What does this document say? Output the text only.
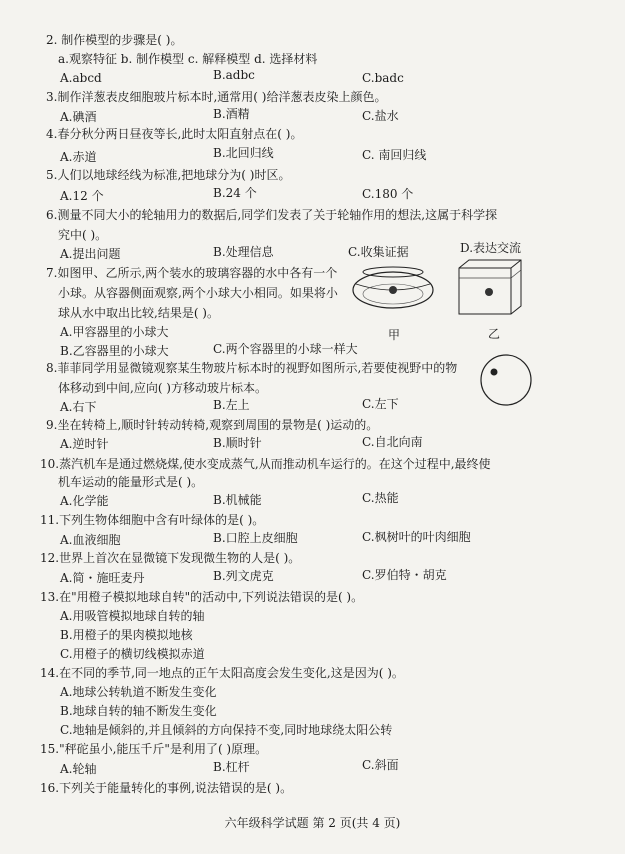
2. 制作模型的步骤是( )。
a.观察特征 b. 制作模型 c. 解释模型 d. 选择材料
A.abcd	B.adbc	C.badc
3.制作洋葱表皮细胞玻片标本时,通常用( )给洋葱表皮染上颜色。
A.碘酒	B.酒精	C.盐水
4.春分秋分两日昼夜等长,此时太阳直射点在( )。
A.赤道	B.北回归线	C. 南回归线
5.人们以地球经线为标准,把地球分为( )时区。
A.12 个	B.24 个	C.180 个
6.测量不同大小的轮轴用力的数据后,同学们发表了关于轮轴作用的想法,这属于科学探
究中( )。
A.提出问题	B.处理信息	C.收集证据	D.表达交流
7.如图甲、乙所示,两个装水的玻璃容器的水中各有一个
小球。从容器侧面观察,两个小球大小相同。如果将小
球从水中取出比较,结果是( )。
A.甲容器里的小球大
B.乙容器里的小球大	C.两个容器里的小球一样大
甲	乙
8.菲菲同学用显微镜观察某生物玻片标本时的视野如图所示,若要使视野中的物
体移动到中间,应向( )方移动玻片标本。
A.右下	B.左上	C.左下
9.坐在转椅上,顺时针转动转椅,观察到周围的景物是( )运动的。
A.逆时针	B.顺时针	C.自北向南
10.蒸汽机车是通过燃烧煤,使水变成蒸气,从而推动机车运行的。在这个过程中,最终使
机车运动的能量形式是( )。
A.化学能	B.机械能	C.热能
11.下列生物体细胞中含有叶绿体的是( )。
A.血液细胞	B.口腔上皮细胞	C.枫树叶的叶肉细胞
12.世界上首次在显微镜下发现微生物的人是( )。
A.简・施旺麦丹	B.列文虎克	C.罗伯特・胡克
13.在"用橙子模拟地球自转"的活动中,下列说法错误的是( )。
A.用吸管模拟地球自转的轴
B.用橙子的果肉模拟地核
C.用橙子的横切线模拟赤道
14.在不同的季节,同一地点的正午太阳高度会发生变化,这是因为( )。
A.地球公转轨道不断发生变化
B.地球自转的轴不断发生变化
C.地轴是倾斜的,并且倾斜的方向保持不变,同时地球绕太阳公转
15."秤砣虽小,能压千斤"是利用了( )原理。
A.轮轴	B.杠杆	C.斜面
16.下列关于能量转化的事例,说法错误的是( )。
六年级科学试题 第 2 页(共 4 页)
